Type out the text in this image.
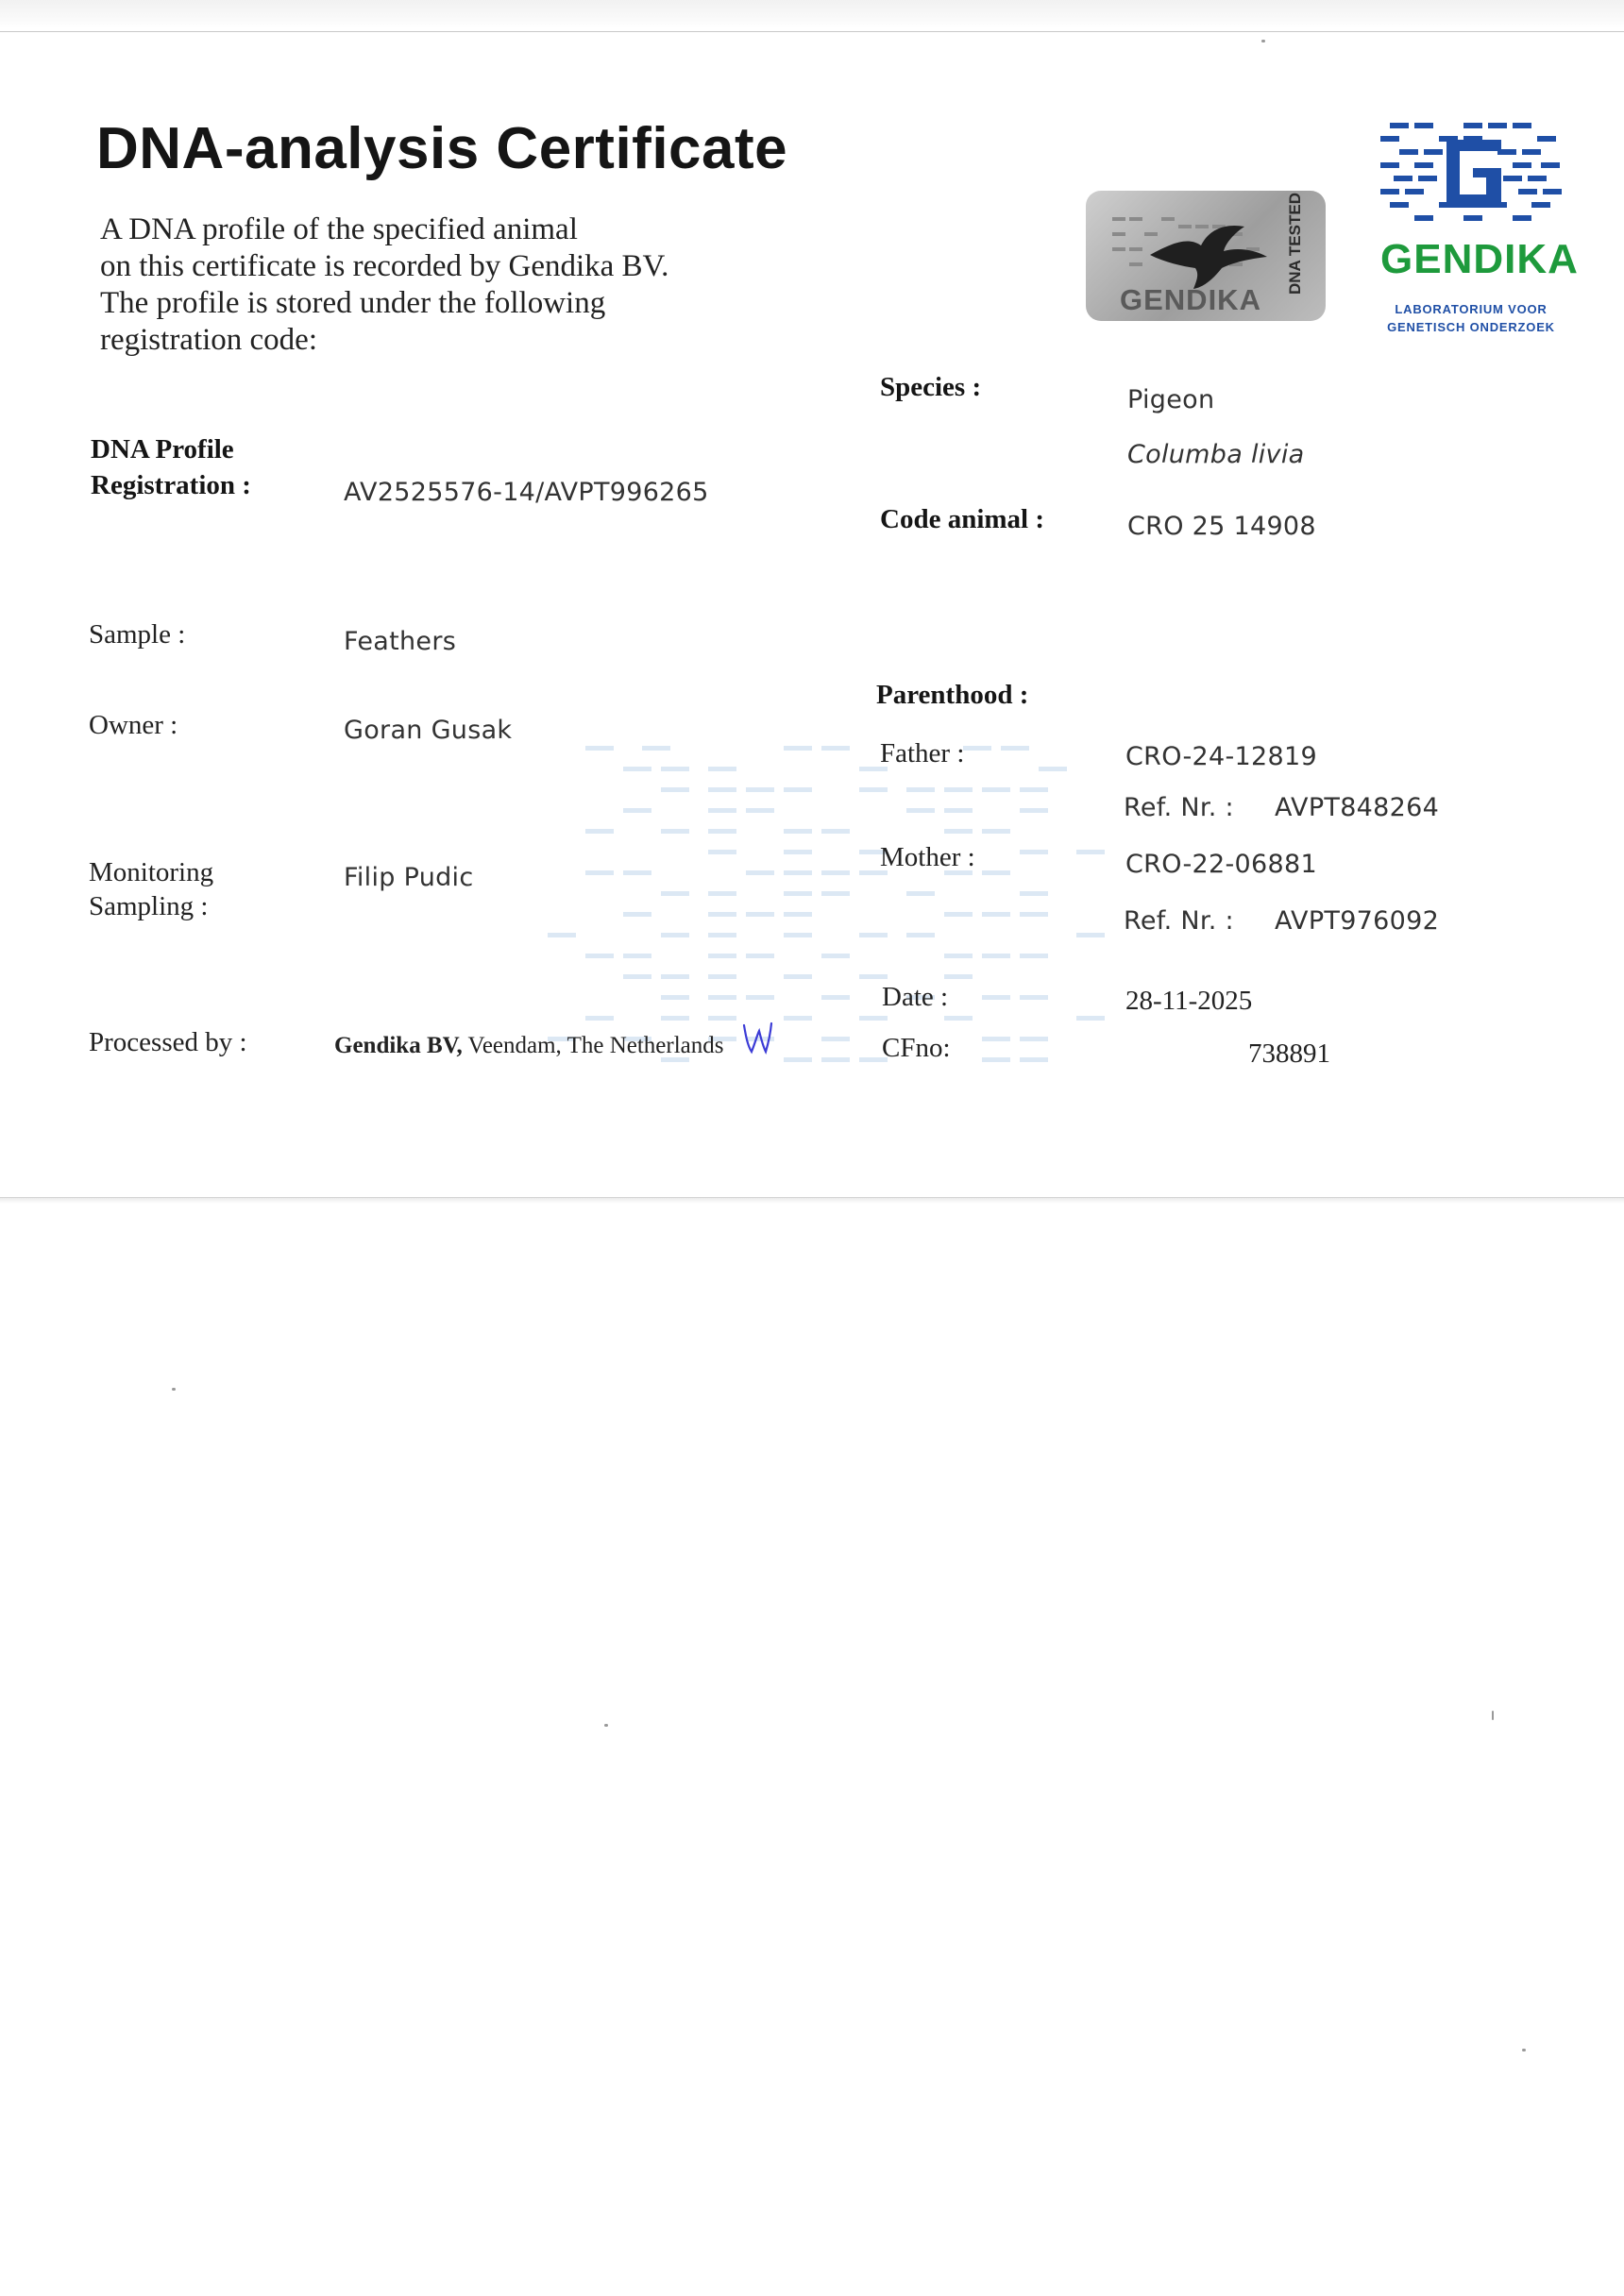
DNA-analysis Certificate
A DNA profile of the specified animal
on this certificate is recorded by Gendika BV.
The profile is stored under the following
registration code:
GENDIKA
DNA TESTED GENDIKA
LABORATORIUM VOOR
GENETISCH ONDERZOEK
DNA Profile
Registration :	AV2525576-14/AVPT996265
Sample :	Feathers
Owner :	Goran Gusak
Monitoring
Sampling :
Filip Pudic
Processed by :	Gendika BV, Veendam, The Netherlands
Species :	Pigeon
Columba livia
Code animal :	CRO 25 14908
Parenthood :
Father :	CRO-24-12819
Ref. Nr. : AVPT848264
Mother :	CRO-22-06881
Ref. Nr. : AVPT976092
Date :	28-11-2025
CFno:	738891
